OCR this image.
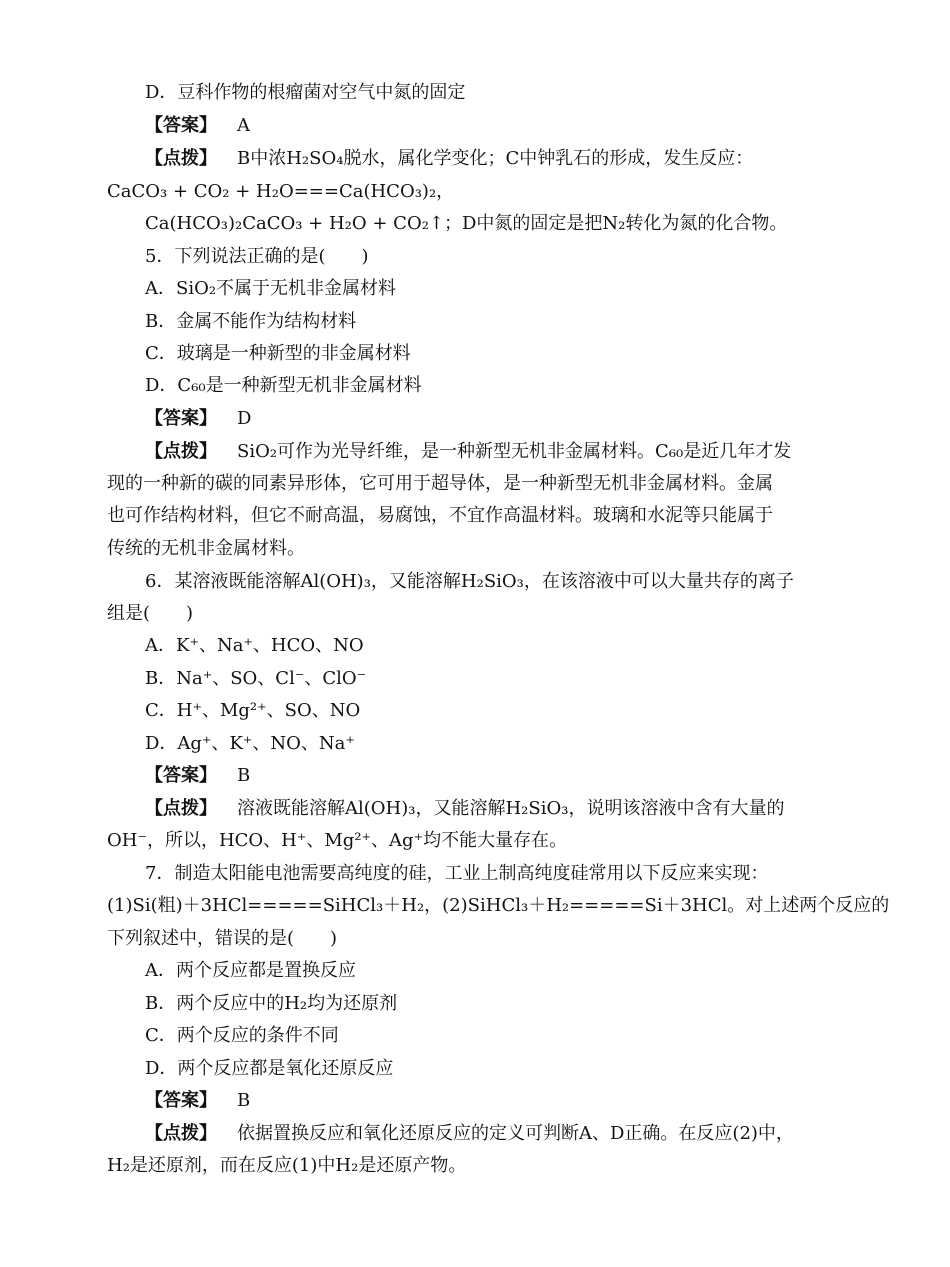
D．豆科作物的根瘤菌对空气中氮的固定
【答案】 A
【点拨】 B中浓H₂SO₄脱水，属化学变化；C中钟乳石的形成，发生反应：
CaCO₃ + CO₂ + H₂O===Ca(HCO₃)₂，
Ca(HCO₃)₂CaCO₃ + H₂O + CO₂↑；D中氮的固定是把N₂转化为氮的化合物。
5．下列说法正确的是(　　)
A．SiO₂不属于无机非金属材料
B．金属不能作为结构材料
C．玻璃是一种新型的非金属材料
D．C₆₀是一种新型无机非金属材料
【答案】 D
【点拨】 SiO₂可作为光导纤维，是一种新型无机非金属材料。C₆₀是近几年才发
现的一种新的碳的同素异形体，它可用于超导体，是一种新型无机非金属材料。金属
也可作结构材料，但它不耐高温，易腐蚀，不宜作高温材料。玻璃和水泥等只能属于
传统的无机非金属材料。
6．某溶液既能溶解Al(OH)₃，又能溶解H₂SiO₃，在该溶液中可以大量共存的离子
组是(　　)
A．K⁺、Na⁺、HCO、NO
B．Na⁺、SO、Cl⁻、ClO⁻
C．H⁺、Mg²⁺、SO、NO
D．Ag⁺、K⁺、NO、Na⁺
【答案】 B
【点拨】 溶液既能溶解Al(OH)₃，又能溶解H₂SiO₃，说明该溶液中含有大量的
OH⁻，所以，HCO、H⁺、Mg²⁺、Ag⁺均不能大量存在。
7．制造太阳能电池需要高纯度的硅，工业上制高纯度硅常用以下反应来实现：
(1)Si(粗)＋3HCl=====SiHCl₃＋H₂，(2)SiHCl₃＋H₂=====Si＋3HCl。对上述两个反应的
下列叙述中，错误的是(　　)
A．两个反应都是置换反应
B．两个反应中的H₂均为还原剂
C．两个反应的条件不同
D．两个反应都是氧化还原反应
【答案】 B
【点拨】 依据置换反应和氧化还原反应的定义可判断A、D正确。在反应(2)中，
H₂是还原剂，而在反应(1)中H₂是还原产物。
